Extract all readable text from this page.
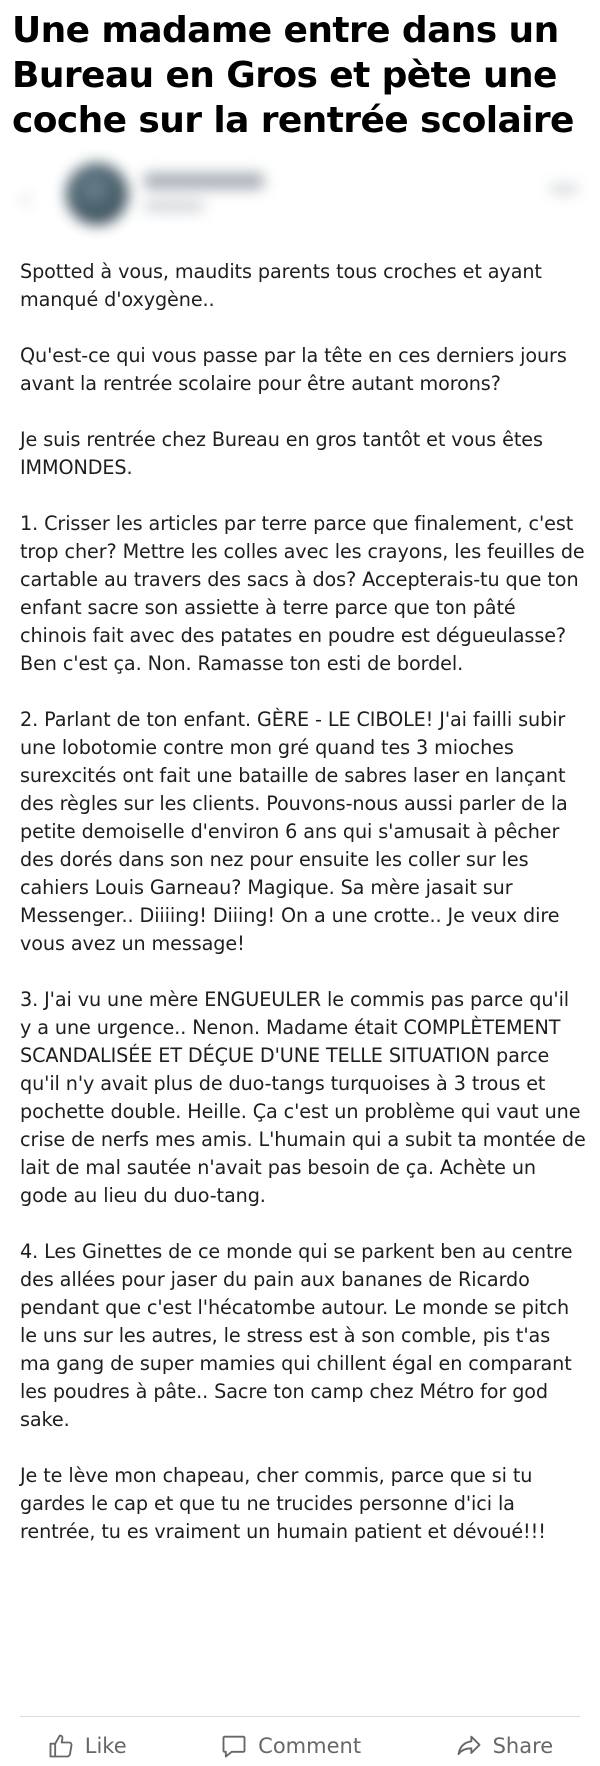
Une madame entre dans un Bureau en Gros et pète une coche sur la rentrée scolaire
‹

Spotted à vous, maudits parents tous croches et ayant manqué d'oxygène..

Qu'est-ce qui vous passe par la tête en ces derniers jours avant la rentrée scolaire pour être autant morons?

Je suis rentrée chez Bureau en gros tantôt et vous êtes IMMONDES.

1. Crisser les articles par terre parce que finalement, c'est trop cher? Mettre les colles avec les crayons, les feuilles de cartable au travers des sacs à dos? Accepterais-tu que ton enfant sacre son assiette à terre parce que ton pâté chinois fait avec des patates en poudre est dégueulasse? Ben c'est ça. Non. Ramasse ton esti de bordel.

2. Parlant de ton enfant. GÈRE - LE CIBOLE! J'ai failli subir une lobotomie contre mon gré quand tes 3 mioches surexcités ont fait une bataille de sabres laser en lançant des règles sur les clients. Pouvons-nous aussi parler de la petite demoiselle d'environ 6 ans qui s'amusait à pêcher des dorés dans son nez pour ensuite les coller sur les cahiers Louis Garneau? Magique. Sa mère jasait sur Messenger.. Diiiing! Diiing! On a une crotte.. Je veux dire vous avez un message!

3. J'ai vu une mère ENGUEULER le commis pas parce qu'il y a une urgence.. Nenon. Madame était COMPLÈTEMENT SCANDALISÉE ET DÉÇUE D'UNE TELLE SITUATION parce qu'il n'y avait plus de duo-tangs turquoises à 3 trous et pochette double. Heille. Ça c'est un problème qui vaut une crise de nerfs mes amis. L'humain qui a subit ta montée de lait de mal sautée n'avait pas besoin de ça. Achète un gode au lieu du duo-tang.

4. Les Ginettes de ce monde qui se parkent ben au centre des allées pour jaser du pain aux bananes de Ricardo pendant que c'est l'hécatombe autour. Le monde se pitch le uns sur les autres, le stress est à son comble, pis t'as ma gang de super mamies qui chillent égal en comparant les poudres à pâte.. Sacre ton camp chez Métro for god sake.

Je te lève mon chapeau, cher commis, parce que si tu gardes le cap et que tu ne trucides personne d'ici la rentrée, tu es vraiment un humain patient et dévoué!!!

Like	Comment	Share
